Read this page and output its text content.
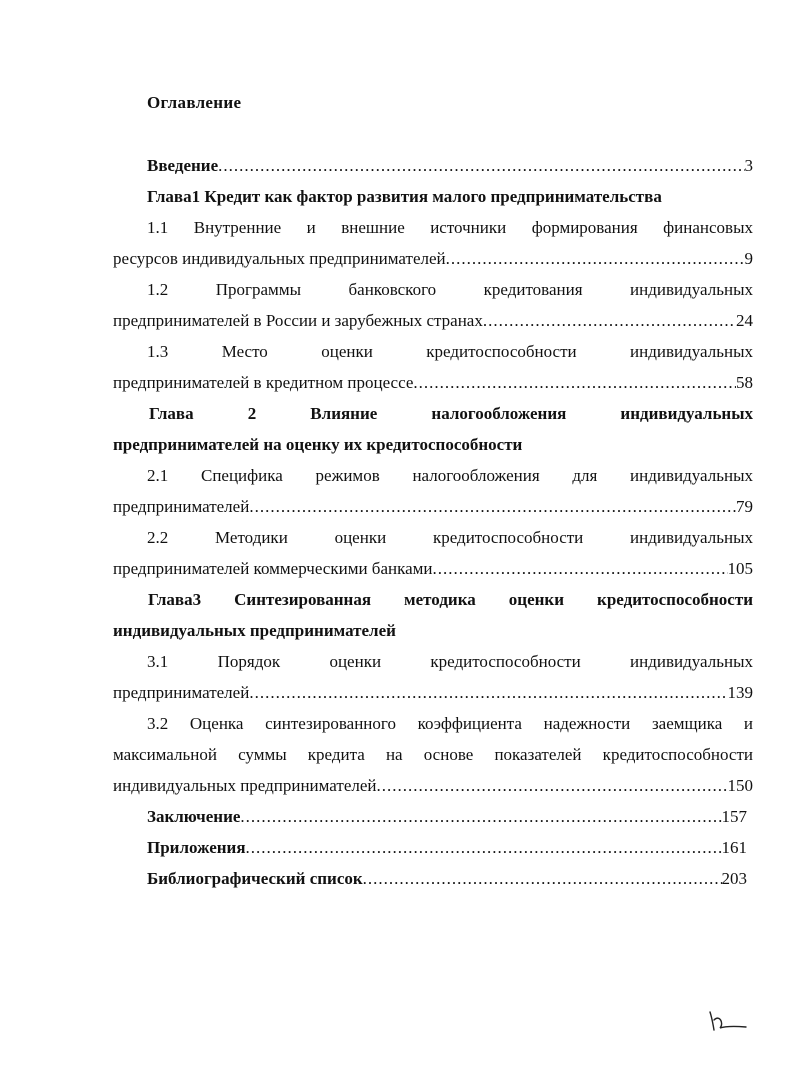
Оглавление
Введение .....	3
Глава1 Кредит как фактор развития малого предпринимательства
1.1 Внутренние и внешние источники формирования финансовых
ресурсов индивидуальных предпринимателей .....	9
1.2 Программы банковского кредитования индивидуальных
предпринимателей в России и зарубежных странах .....	24
1.3 Место оценки кредитоспособности индивидуальных
предпринимателей в кредитном процессе .....	58
Глава 2 Влияние налогообложения индивидуальных
предпринимателей на оценку их кредитоспособности
2.1 Специфика режимов налогообложения для индивидуальных
предпринимателей .....	79
2.2 Методики оценки кредитоспособности индивидуальных
предпринимателей коммерческими банками .....	105
Глава3 Синтезированная методика оценки кредитоспособности
индивидуальных предпринимателей
3.1 Порядок оценки кредитоспособности индивидуальных
предпринимателей .....	139
3.2 Оценка синтезированного коэффициента надежности заемщика и
максимальной суммы кредита на основе показателей кредитоспособности
индивидуальных предпринимателей .....	150
Заключение .....	157
Приложения .....	161
Библиографический список .....	203
